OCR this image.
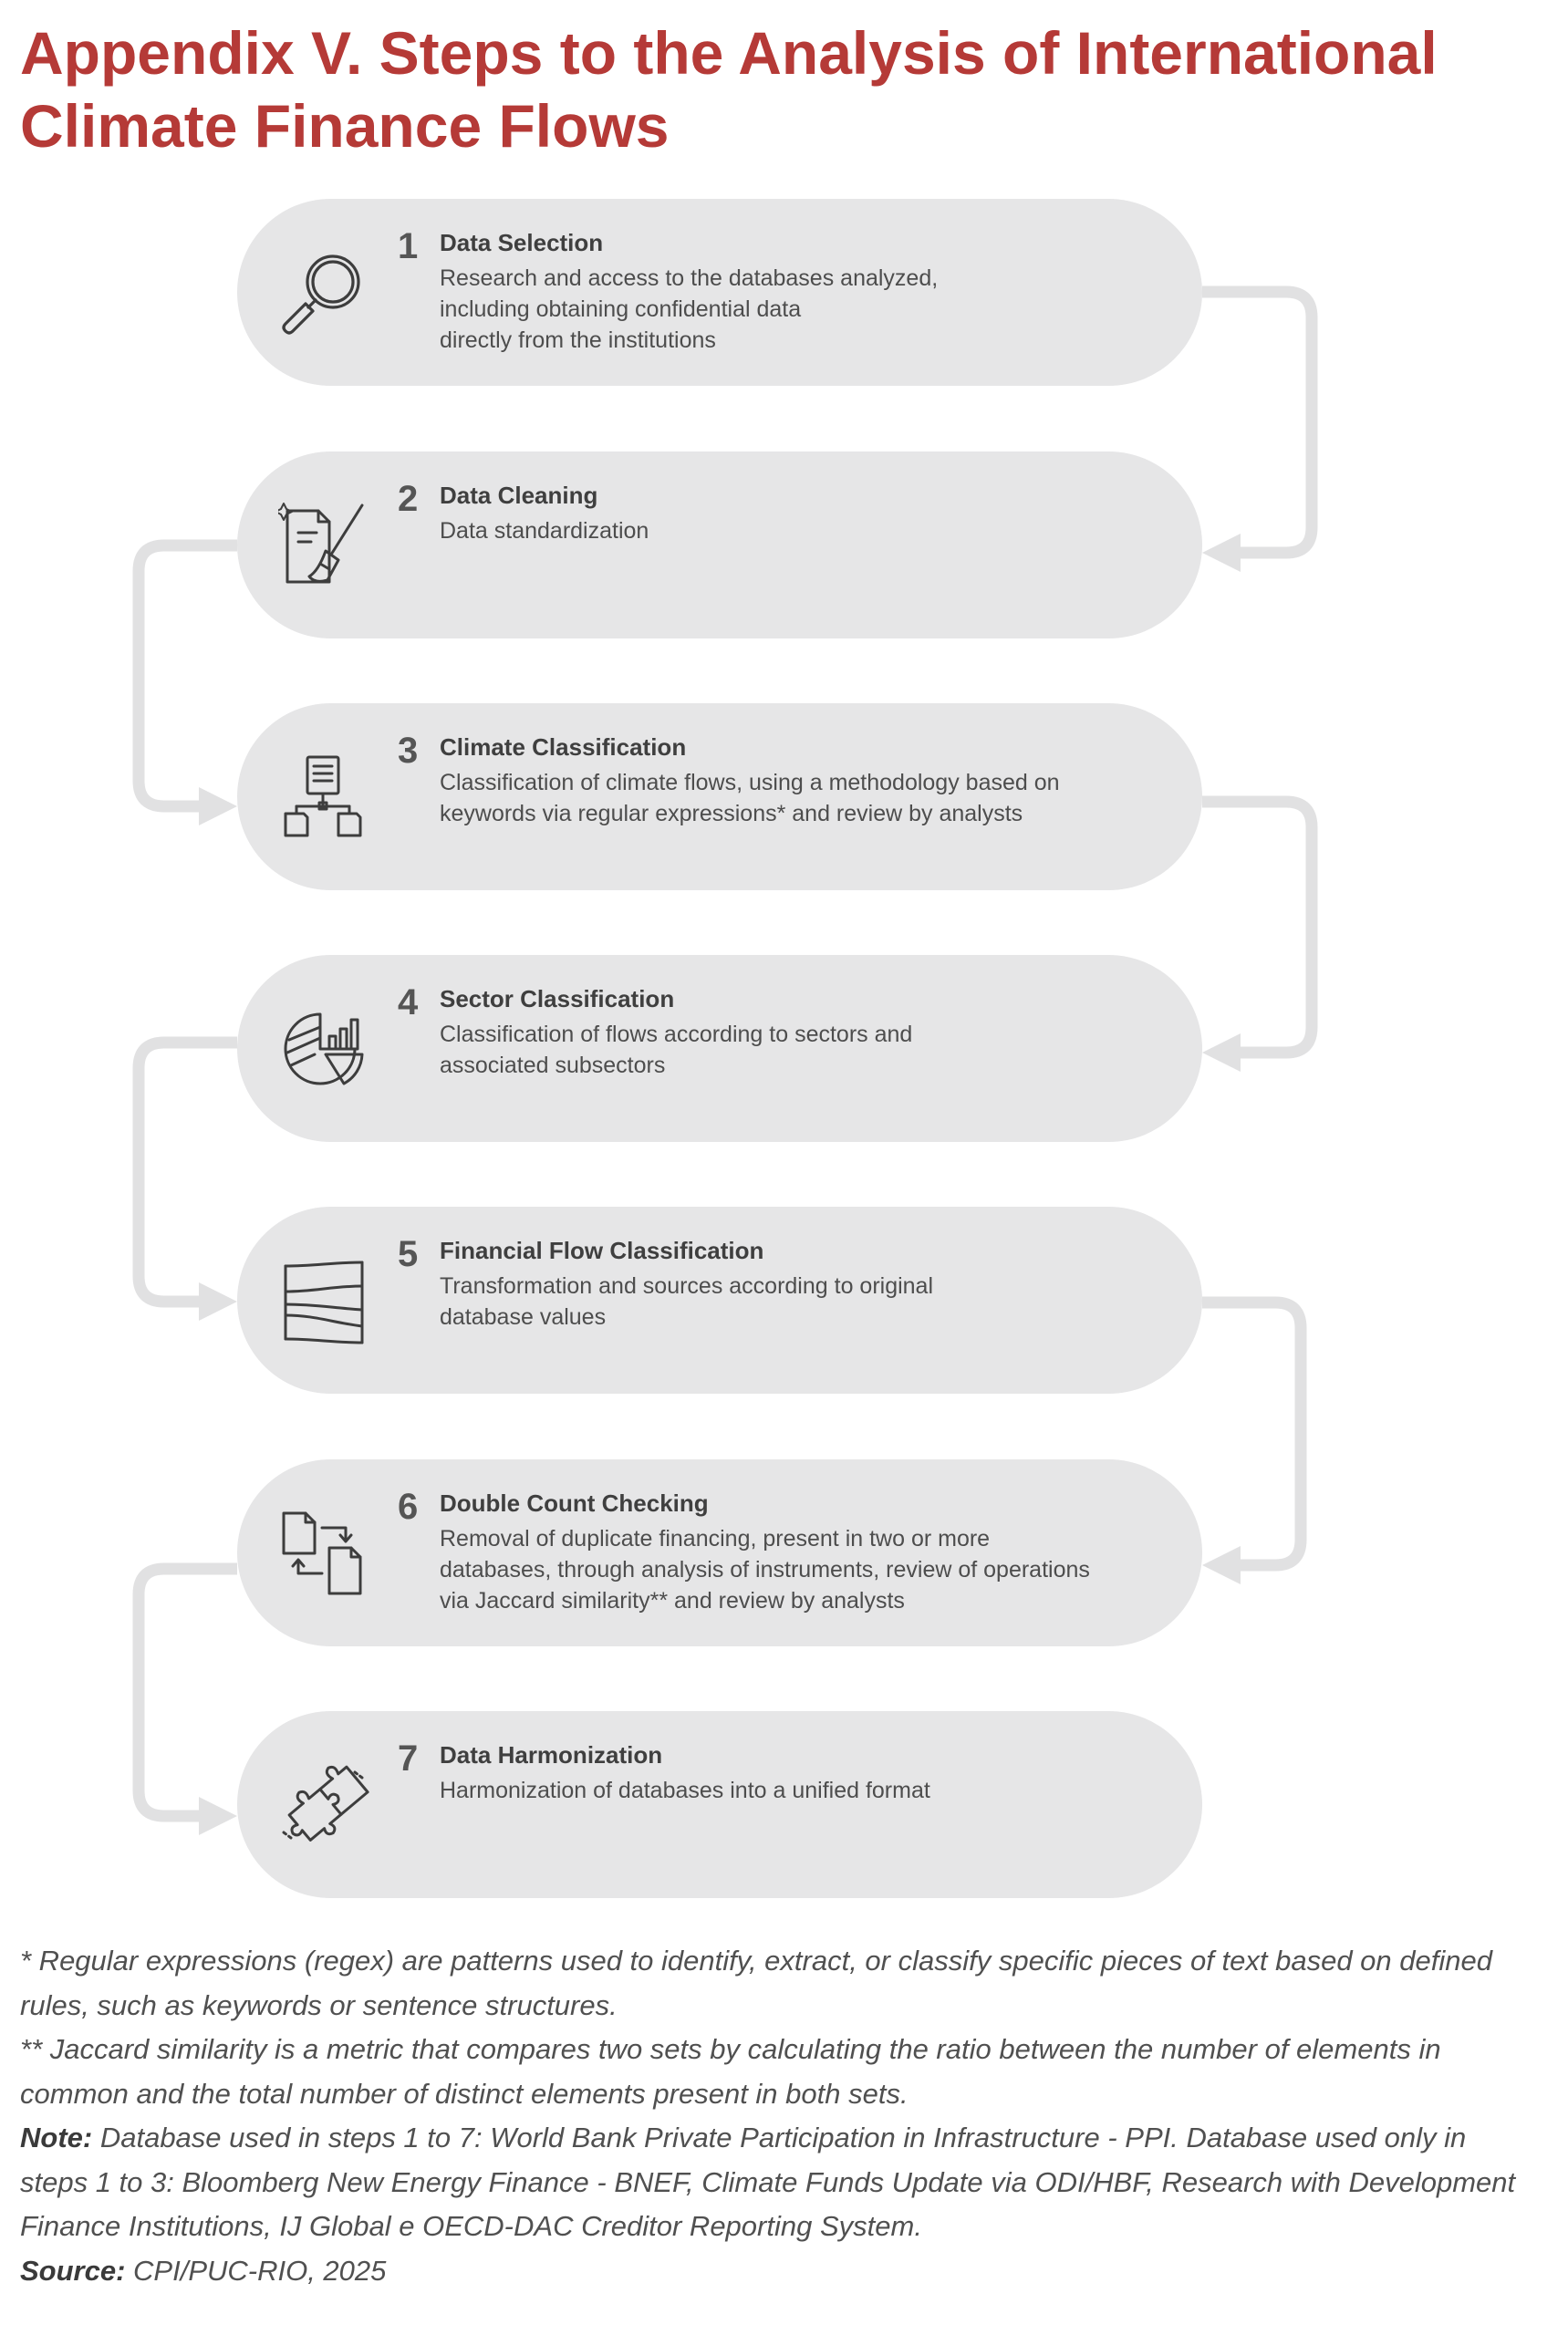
Appendix V. Steps to the Analysis of International
Climate Finance Flows
1 Data Selection
Research and access to the databases analyzed,
including obtaining confidential data
directly from the institutions
2 Data Cleaning
Data standardization
3 Climate Classification
Classification of climate flows, using a methodology based on
keywords via regular expressions* and review by analysts
4 Sector Classification
Classification of flows according to sectors and
associated subsectors
5 Financial Flow Classification
Transformation and sources according to original
database values
6 Double Count Checking
Removal of duplicate financing, present in two or more
databases, through analysis of instruments, review of operations
via Jaccard similarity** and review by analysts
7 Data Harmonization
Harmonization of databases into a unified format

* Regular expressions (regex) are patterns used to identify, extract, or classify specific pieces of text based on defined rules, such as keywords or sentence structures.

** Jaccard similarity is a metric that compares two sets by calculating the ratio between the number of elements in common and the total number of distinct elements present in both sets.

Note: Database used in steps 1 to 7: World Bank Private Participation in Infrastructure - PPI. Database used only in steps 1 to 3: Bloomberg New Energy Finance - BNEF, Climate Funds Update via ODI/HBF, Research with Development Finance Institutions, IJ Global e OECD-DAC Creditor Reporting System.

Source: CPI/PUC-RIO, 2025
